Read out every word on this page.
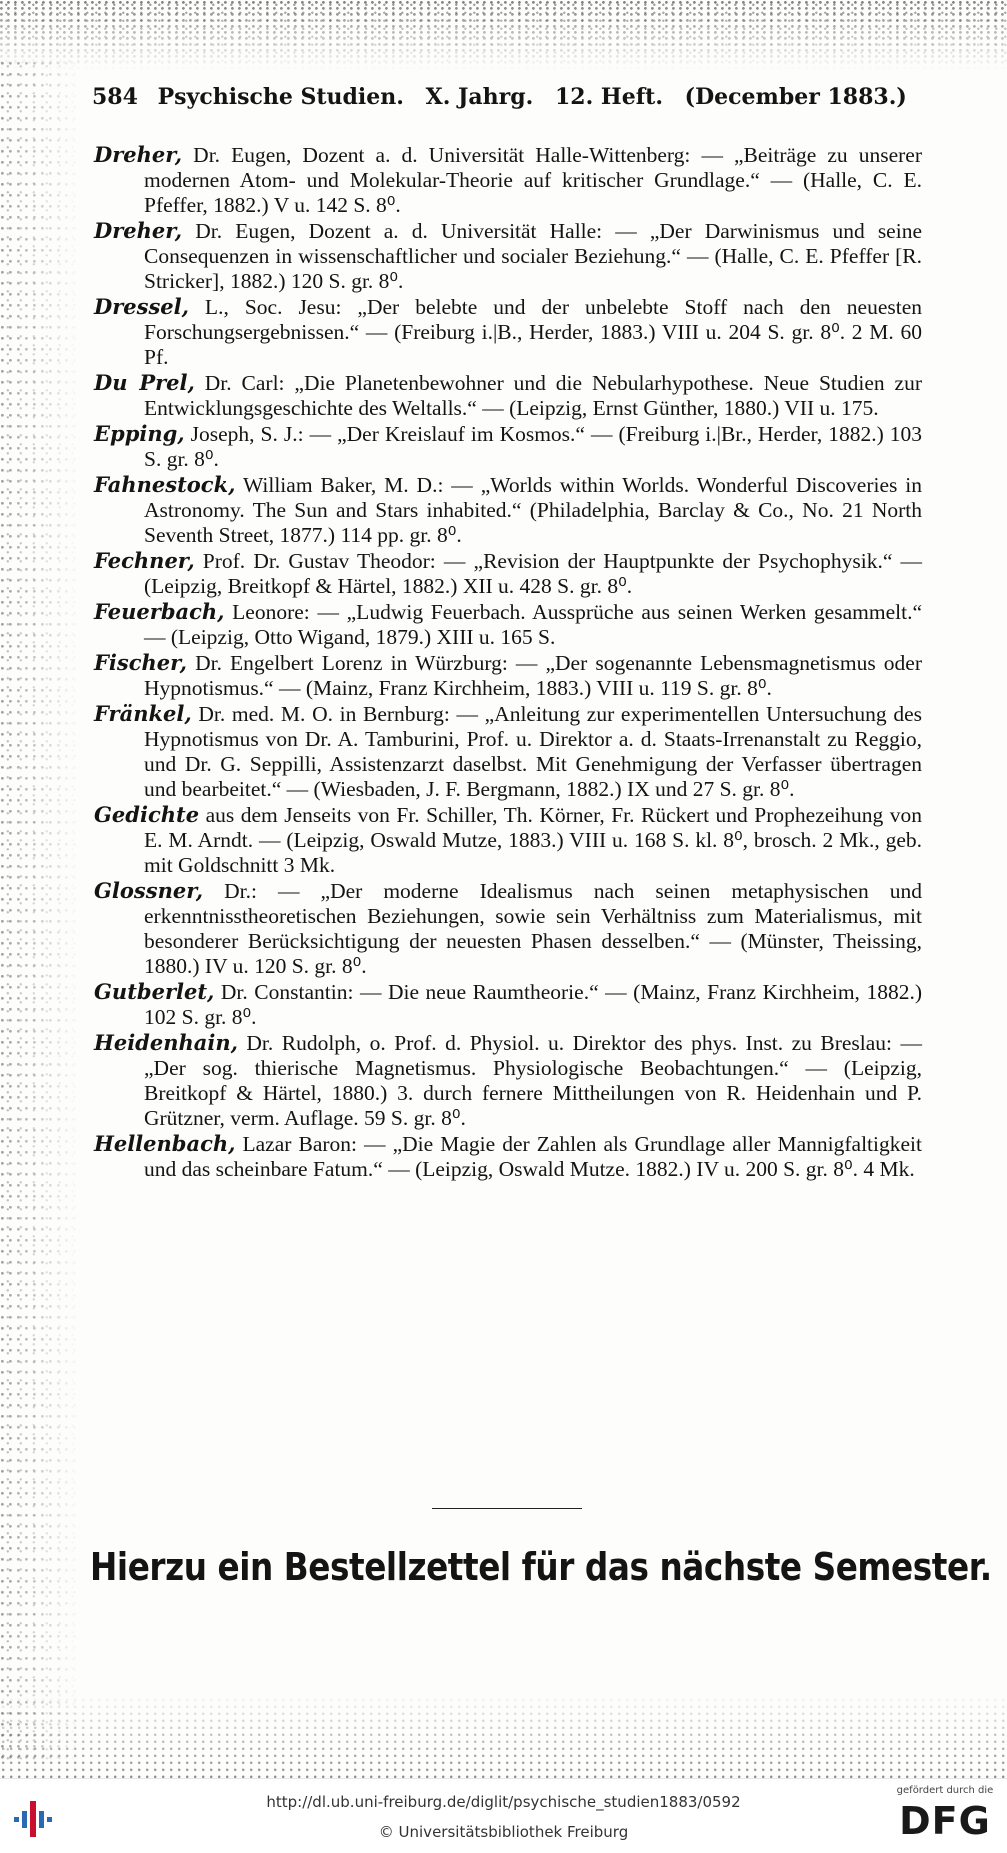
584 Psychische Studien. X. Jahrg. 12. Heft. (December 1883.)

Dreher, Dr. Eugen, Dozent a. d. Universität Halle-Wittenberg: — „Beiträge zu unserer modernen Atom- und Molekular-Theorie auf kritischer Grundlage.“ — (Halle, C. E. Pfeffer, 1882.) V u. 142 S. 8⁰.

Dreher, Dr. Eugen, Dozent a. d. Universität Halle: — „Der Darwinismus und seine Consequenzen in wissenschaftlicher und socialer Beziehung.“ — (Halle, C. E. Pfeffer [R. Stricker], 1882.) 120 S. gr. 8⁰.

Dressel, L., Soc. Jesu: „Der belebte und der unbelebte Stoff nach den neuesten Forschungsergebnissen.“ — (Freiburg i.|B., Herder, 1883.) VIII u. 204 S. gr. 8⁰. 2 M. 60 Pf.

Du Prel, Dr. Carl: „Die Planetenbewohner und die Nebularhypothese. Neue Studien zur Entwicklungsgeschichte des Weltalls.“ — (Leipzig, Ernst Günther, 1880.) VII u. 175.

Epping, Joseph, S. J.: — „Der Kreislauf im Kosmos.“ — (Freiburg i.|Br., Herder, 1882.) 103 S. gr. 8⁰.

Fahnestock, William Baker, M. D.: — „Worlds within Worlds. Wonderful Discoveries in Astronomy. The Sun and Stars inhabited.“ (Philadelphia, Barclay & Co., No. 21 North Seventh Street, 1877.) 114 pp. gr. 8⁰.

Fechner, Prof. Dr. Gustav Theodor: — „Revision der Hauptpunkte der Psychophysik.“ — (Leipzig, Breitkopf & Härtel, 1882.) XII u. 428 S. gr. 8⁰.

Feuerbach, Leonore: — „Ludwig Feuerbach. Aussprüche aus seinen Werken gesammelt.“ — (Leipzig, Otto Wigand, 1879.) XIII u. 165 S.

Fischer, Dr. Engelbert Lorenz in Würzburg: — „Der sogenannte Lebensmagnetismus oder Hypnotismus.“ — (Mainz, Franz Kirchheim, 1883.) VIII u. 119 S. gr. 8⁰.

Fränkel, Dr. med. M. O. in Bernburg: — „Anleitung zur experimentellen Untersuchung des Hypnotismus von Dr. A. Tamburini, Prof. u. Direktor a. d. Staats-Irrenanstalt zu Reggio, und Dr. G. Seppilli, Assistenzarzt daselbst. Mit Genehmigung der Verfasser übertragen und bearbeitet.“ — (Wiesbaden, J. F. Bergmann, 1882.) IX und 27 S. gr. 8⁰.

Gedichte aus dem Jenseits von Fr. Schiller, Th. Körner, Fr. Rückert und Prophezeihung von E. M. Arndt. — (Leipzig, Oswald Mutze, 1883.) VIII u. 168 S. kl. 8⁰, brosch. 2 Mk., geb. mit Goldschnitt 3 Mk.

Glossner, Dr.: — „Der moderne Idealismus nach seinen metaphysischen und erkenntnisstheoretischen Beziehungen, sowie sein Verhältniss zum Materialismus, mit besonderer Berücksichtigung der neuesten Phasen desselben.“ — (Münster, Theissing, 1880.) IV u. 120 S. gr. 8⁰.

Gutberlet, Dr. Constantin: — Die neue Raumtheorie.“ — (Mainz, Franz Kirchheim, 1882.) 102 S. gr. 8⁰.

Heidenhain, Dr. Rudolph, o. Prof. d. Physiol. u. Direktor des phys. Inst. zu Breslau: — „Der sog. thierische Magnetismus. Physiologische Beobachtungen.“ — (Leipzig, Breitkopf & Härtel, 1880.) 3. durch fernere Mittheilungen von R. Heidenhain und P. Grützner, verm. Auflage. 59 S. gr. 8⁰.

Hellenbach, Lazar Baron: — „Die Magie der Zahlen als Grundlage aller Mannigfaltigkeit und das scheinbare Fatum.“ — (Leipzig, Oswald Mutze. 1882.) IV u. 200 S. gr. 8⁰. 4 Mk.

Hierzu ein Bestellzettel für das nächste Semester.
http://dl.ub.uni-freiburg.de/diglit/psychische_studien1883/0592
© Universitätsbibliothek Freiburg
gefördert durch die
DFG
